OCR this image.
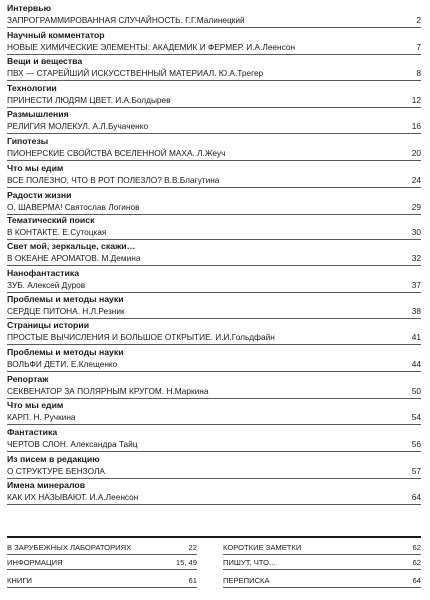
Интервью
ЗАПРОГРАММИРОВАННАЯ СЛУЧАЙНОСТЬ. Г.Г.Малинецкий	2
Научный комментатор
НОВЫЕ ХИМИЧЕСКИЕ ЭЛЕМЕНТЫ: АКАДЕМИК И ФЕРМЕР. И.А.Леенсон	7
Вещи и вещества
ПВХ — СТАРЕЙШИЙ ИСКУССТВЕННЫЙ МАТЕРИАЛ. Ю.А.Трегер	8
Технологии
ПРИНЕСТИ ЛЮДЯМ ЦВЕТ. И.А.Болдырев	12
Размышления
РЕЛИГИЯ МОЛЕКУЛ. А.Л.Бучаченко	16
Гипотезы
ПИОНЕРСКИЕ СВОЙСТВА ВСЕЛЕННОЙ МАХА. Л.Жеуч	20
Что мы едим
ВСЕ ПОЛЕЗНО, ЧТО В РОТ ПОЛЕЗЛО? В.В.Благутина	24
Радости жизни
О, ШАВЕРМА! Святослав Логинов	29
Тематический поиск
В КОНТАКТЕ. Е.Сутоцкая	30
Свет мой, зеркальце, скажи…
В ОКЕАНЕ АРОМАТОВ. М.Демина	32
Нанофантастика
ЗУБ. Алексей Дуров	37
Проблемы и методы науки
СЕРДЦЕ ПИТОНА. Н.Л.Резник	38
Страницы истории
ПРОСТЫЕ ВЫЧИСЛЕНИЯ И БОЛЬШОЕ ОТКРЫТИЕ. И.И.Гольдфайн	41
Проблемы и методы науки
ВОЛЬФИ ДЕТИ. Е.Клещенко	44
Репортаж
СЕКВЕНАТОР ЗА ПОЛЯРНЫМ КРУГОМ. Н.Маркина	50
Что мы едим
КАРП. Н. Ручкина	54
Фантастика
ЧЕРТОВ СЛОН. Александра Тайц	56
Из писем в редакцию
О СТРУКТУРЕ БЕНЗОЛА	57
Имена минералов
КАК ИХ НАЗЫВАЮТ. И.А.Леенсон	64
В ЗАРУБЕЖНЫХ ЛАБОРАТОРИЯХ	22
ИНФОРМАЦИЯ	15, 49
КНИГИ	61
КОРОТКИЕ ЗАМЕТКИ	62
ПИШУТ, ЧТО...	62
ПЕРЕПИСКА	64
